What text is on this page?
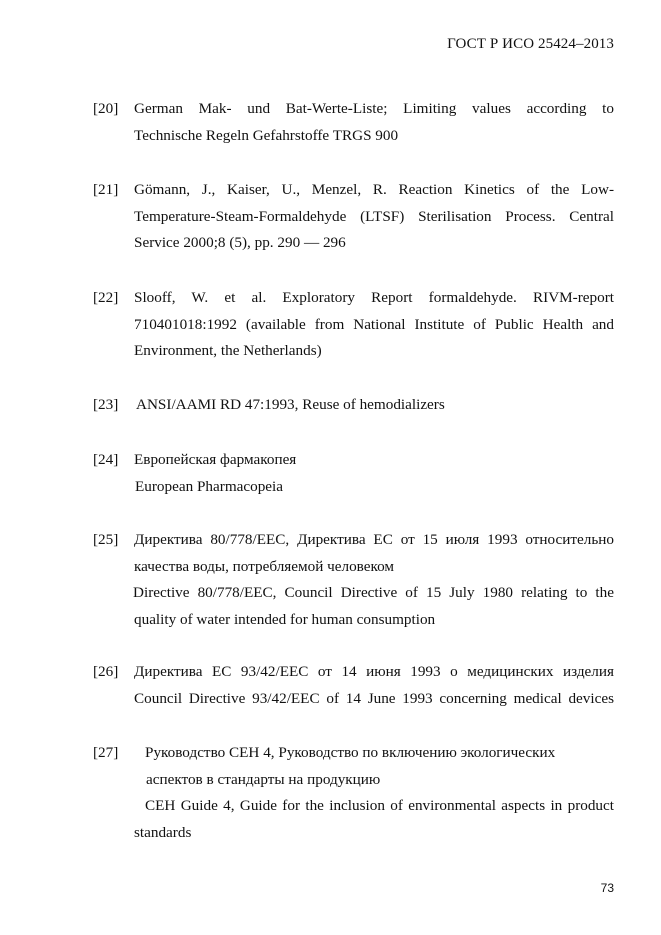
ГОСТ Р ИСО 25424–2013
[20] German Mak- und Bat-Werte-Liste; Limiting values according to
Technische Regeln Gefahrstoffe TRGS 900
[21] Gömann, J., Kaiser, U., Menzel, R. Reaction Kinetics of the Low-
Temperature-Steam-Formaldehyde (LTSF) Sterilisation Process. Central
Service 2000;8 (5), pp. 290 — 296
[22] Slooff, W. et al. Exploratory Report formaldehyde. RIVM-report
710401018:1992 (available from National Institute of Public Health and
Environment, the Netherlands)
[23] ANSI/AAMI RD 47:1993, Reuse of hemodializers
[24] Европейская фармакопея
European Pharmacopeia
[25] Директива 80/778/ЕЕС, Директива ЕС от 15 июля 1993 относительно
качества воды, потребляемой человеком
Directive 80/778/EEC, Council Directive of 15 July 1980 relating to the
quality of water intended for human consumption
[26] Директива ЕС 93/42/ЕЕС от 14 июня 1993 о медицинских изделия
Council Directive 93/42/EEC of 14 June 1993 concerning medical devices
[27] Руководство СЕН 4, Руководство по включению экологических
аспектов в стандарты на продукцию
CEH Guide 4, Guide for the inclusion of environmental aspects in product
standards
73
